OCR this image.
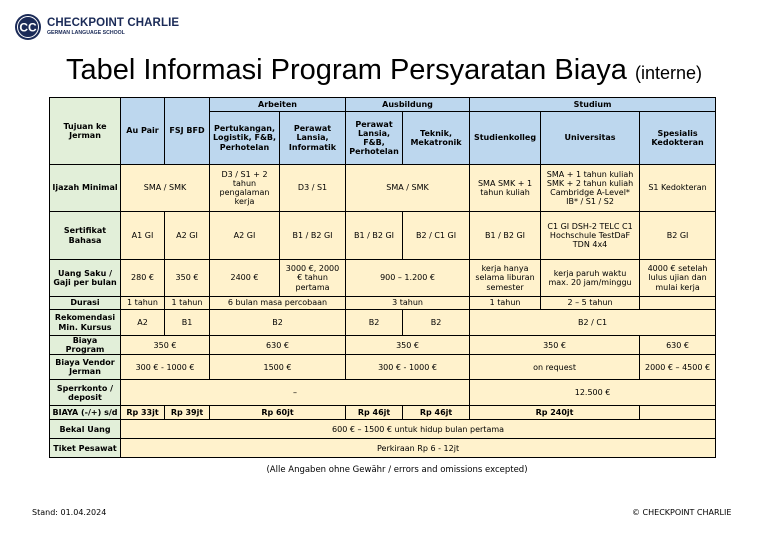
CC CHECKPOINT CHARLIE
GERMAN LANGUAGE SCHOOL
Tabel Informasi Program Persyaratan Biaya (interne)
Tujuan ke Jerman	Au Pair	FSJ BFD	Arbeiten		Ausbildung		Studium		
			Pertukangan, Logistik, F&B, Perhotelan	Perawat Lansia, Informatik	Perawat Lansia, F&B, Perhotelan	Teknik, Mekatronik	Studienkolleg	Universitas	Spesialis Kedokteran
Ijazah Minimal	SMA / SMK		D3 / S1 + 2 tahun pengalaman kerja	D3 / S1	SMA / SMK		SMA SMK + 1 tahun kuliah	SMA + 1 tahun kuliah SMK + 2 tahun kuliah Cambridge A-Level* IB* / S1 / S2	S1 Kedokteran
Sertifikat Bahasa	A1 GI	A2 GI	A2 GI	B1 / B2 GI	B1 / B2 GI	B2 / C1 GI	B1 / B2 GI	C1 GI DSH-2 TELC C1 Hochschule TestDaF TDN 4x4	B2 GI
Uang Saku / Gaji per bulan	280 €	350 €	2400 €	3000 €, 2000 € tahun pertama	900 – 1.200 €		kerja hanya selama liburan semester	kerja paruh waktu max. 20 jam/minggu	4000 € setelah lulus ujian dan mulai kerja
Durasi	1 tahun	1 tahun	6 bulan masa percobaan		3 tahun		1 tahun	2 – 5 tahun	
Rekomendasi Min. Kursus	A2	B1	B2		B2	B2	B2 / C1		
Biaya Program	350 €		630 €		350 €		350 €		630 €
Biaya Vendor Jerman	300 € - 1000 €		1500 €		300 € - 1000 €		on request		2000 € – 4500 €
Sperrkonto / deposit	–						12.500 €		
BIAYA (-/+) s/d	Rp 33jt	Rp 39jt	Rp 60jt		Rp 46jt	Rp 46jt	Rp 240jt		
Bekal Uang	600 € – 1500 € untuk hidup bulan pertama								
Tiket Pesawat	Perkiraan Rp 6 - 12jt								
(Alle Angaben ohne Gewähr / errors and omissions excepted)
Stand: 01.04.2024	© CHECKPOINT CHARLIE
